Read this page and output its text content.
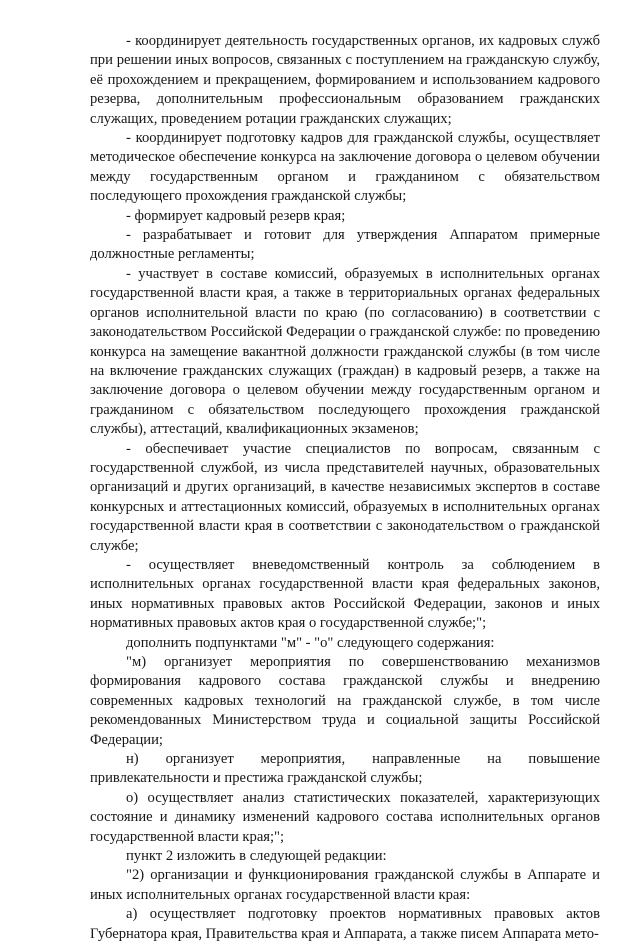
- координирует деятельность государственных органов, их кадровых служб при решении иных вопросов, связанных с поступлением на гражданскую службу, её прохождением и прекращением, формированием и использованием кадрового резерва, дополнительным профессиональным образованием гражданских служащих, проведением ротации гражданских служащих;

- координирует подготовку кадров для гражданской службы, осуществляет методическое обеспечение конкурса на заключение договора о целевом обучении между государственным органом и гражданином с обязательством последующего прохождения гражданской службы;

- формирует кадровый резерв края;

- разрабатывает и готовит для утверждения Аппаратом примерные должностные регламенты;

- участвует в составе комиссий, образуемых в исполнительных органах государственной власти края, а также в территориальных органах федеральных органов исполнительной власти по краю (по согласованию) в соответствии с законодательством Российской Федерации о гражданской службе: по проведению конкурса на замещение вакантной должности гражданской службы (в том числе на включение гражданских служащих (граждан) в кадровый резерв, а также на заключение договора о целевом обучении между государственным органом и гражданином с обязательством последующего прохождения гражданской службы), аттестаций, квалификационных экзаменов;

- обеспечивает участие специалистов по вопросам, связанным с государственной службой, из числа представителей научных, образовательных организаций и других организаций, в качестве независимых экспертов в составе конкурсных и аттестационных комиссий, образуемых в исполнительных органах государственной власти края в соответствии с законодательством о гражданской службе;

- осуществляет вневедомственный контроль за соблюдением в исполнительных органах государственной власти края федеральных законов, иных нормативных правовых актов Российской Федерации, законов и иных нормативных правовых актов края о государственной службе;";

дополнить подпунктами "м" - "о" следующего содержания:

"м) организует мероприятия по совершенствованию механизмов формирования кадрового состава гражданской службы и внедрению современных кадровых технологий на гражданской службе, в том числе рекомендованных Министерством труда и социальной защиты Российской Федерации;

н) организует мероприятия, направленные на повышение привлекательности и престижа гражданской службы;

о) осуществляет анализ статистических показателей, характеризующих состояние и динамику изменений кадрового состава исполнительных органов государственной власти края;";

пункт 2 изложить в следующей редакции:

"2) организации и функционирования гражданской службы в Аппарате и иных исполнительных органах государственной власти края:

а) осуществляет подготовку проектов нормативных правовых актов Губернатора края, Правительства края и Аппарата, а также писем Аппарата мето-
